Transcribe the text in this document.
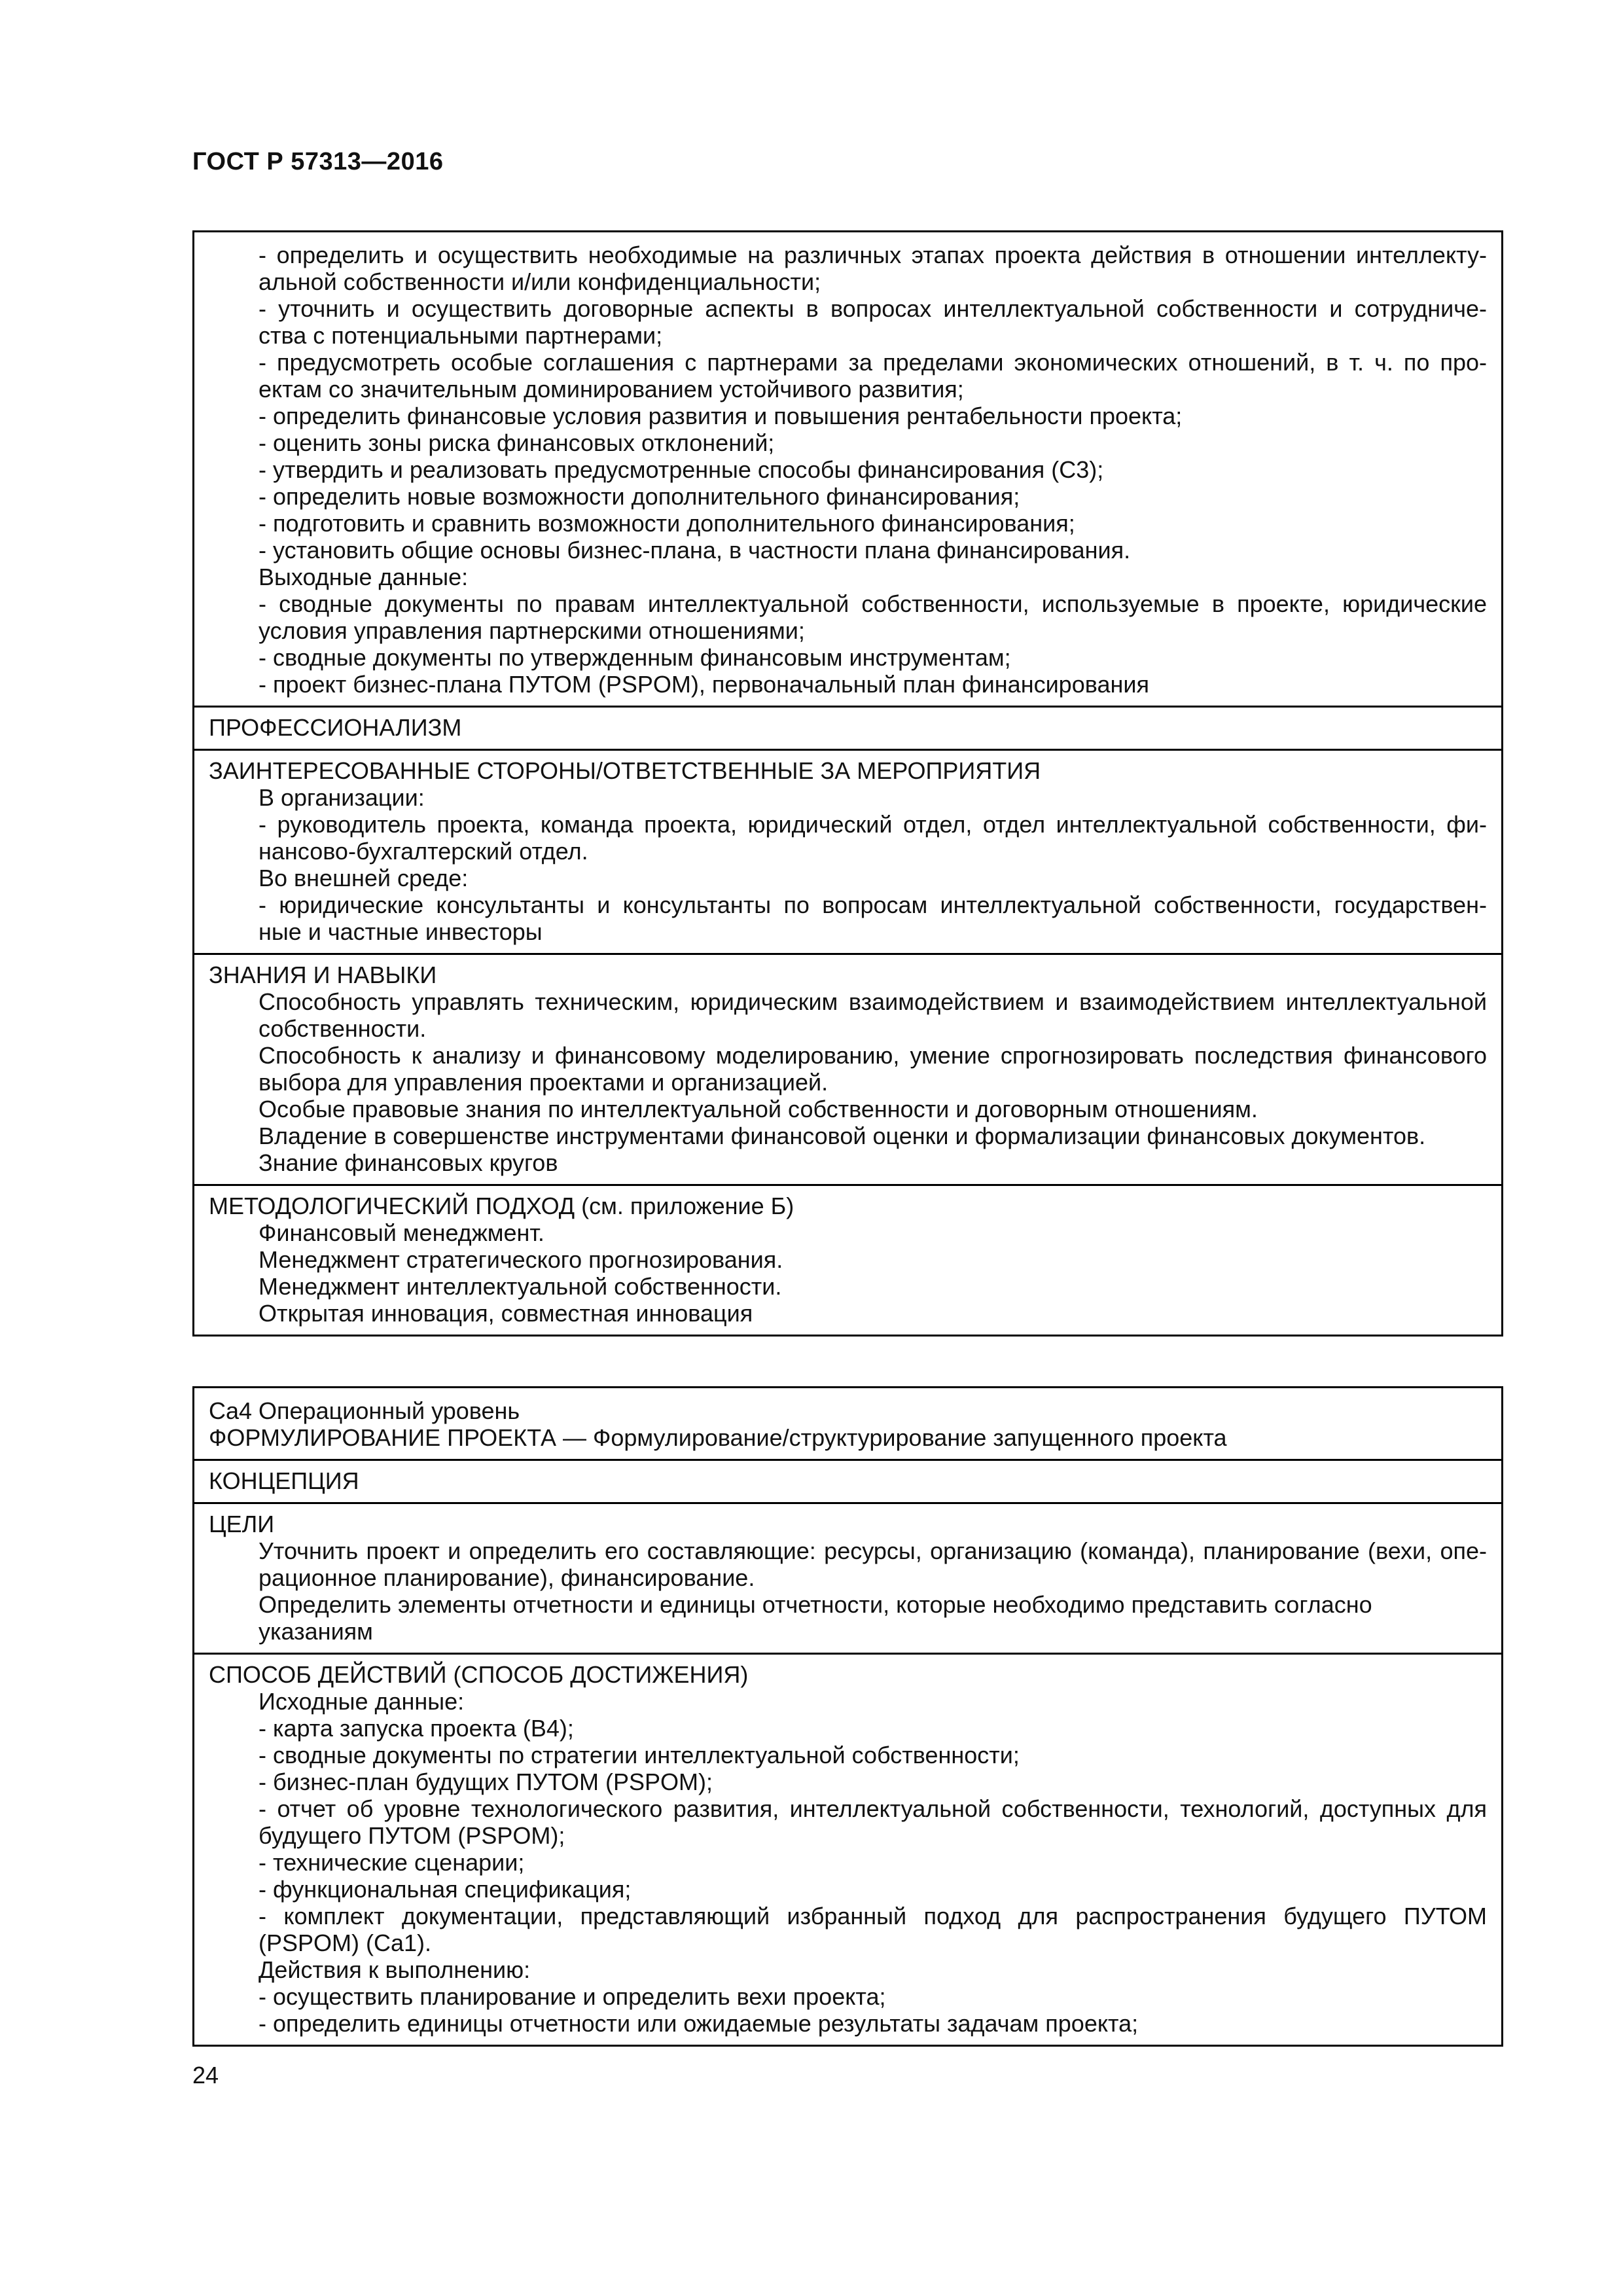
ГОСТ Р 57313—2016
- определить и осуществить необходимые на различных этапах проекта действия в отношении интеллекту-
альной собственности и/или конфиденциальности;
- уточнить и осуществить договорные аспекты в вопросах интеллектуальной собственности и сотрудниче-
ства с потенциальными партнерами;
- предусмотреть особые соглашения с партнерами за пределами экономических отношений, в т. ч. по про-
ектам со значительным доминированием устойчивого развития;
- определить финансовые условия развития и повышения рентабельности проекта;
- оценить зоны риска финансовых отклонений;
- утвердить и реализовать предусмотренные способы финансирования (С3);
- определить новые возможности дополнительного финансирования;
- подготовить и сравнить возможности дополнительного финансирования;
- установить общие основы бизнес-плана, в частности плана финансирования.
Выходные данные:
- сводные документы по правам интеллектуальной собственности, используемые в проекте, юридические
условия управления партнерскими отношениями;
- сводные документы по утвержденным финансовым инструментам;
- проект бизнес-плана ПУТОМ (PSPOM), первоначальный план финансирования
ПРОФЕССИОНАЛИЗМ
ЗАИНТЕРЕСОВАННЫЕ СТОРОНЫ/ОТВЕТСТВЕННЫЕ ЗА МЕРОПРИЯТИЯ
В организации:
- руководитель проекта, команда проекта, юридический отдел, отдел интеллектуальной собственности, фи-
нансово-бухгалтерский отдел.
Во внешней среде:
- юридические консультанты и консультанты по вопросам интеллектуальной собственности, государствен-
ные и частные инвесторы
ЗНАНИЯ И НАВЫКИ
Способность управлять техническим, юридическим взаимодействием и взаимодействием интеллектуальной
собственности.
Способность к анализу и финансовому моделированию, умение спрогнозировать последствия финансового
выбора для управления проектами и организацией.
Особые правовые знания по интеллектуальной собственности и договорным отношениям.
Владение в совершенстве инструментами финансовой оценки и формализации финансовых документов.
Знание финансовых кругов
МЕТОДОЛОГИЧЕСКИЙ ПОДХОД (см. приложение Б)
Финансовый менеджмент.
Менеджмент стратегического прогнозирования.
Менеджмент интеллектуальной собственности.
Открытая инновация, совместная инновация
Ca4 Операционный уровень
ФОРМУЛИРОВАНИЕ ПРОЕКТА — Формулирование/структурирование запущенного проекта
КОНЦЕПЦИЯ
ЦЕЛИ
Уточнить проект и определить его составляющие: ресурсы, организацию (команда), планирование (вехи, опе-
рационное планирование), финансирование.
Определить элементы отчетности и единицы отчетности, которые необходимо представить согласно указаниям
СПОСОБ ДЕЙСТВИЙ (СПОСОБ ДОСТИЖЕНИЯ)
Исходные данные:
- карта запуска проекта (B4);
- сводные документы по стратегии интеллектуальной собственности;
- бизнес-план будущих ПУТОМ (PSPOM);
- отчет об уровне технологического развития, интеллектуальной собственности, технологий, доступных для
будущего ПУТОМ (PSPOM);
- технические сценарии;
- функциональная спецификация;
- комплект документации, представляющий избранный подход для распространения будущего ПУТОМ
(PSPOM) (Ca1).
Действия к выполнению:
- осуществить планирование и определить вехи проекта;
- определить единицы отчетности или ожидаемые результаты задачам проекта;
24
